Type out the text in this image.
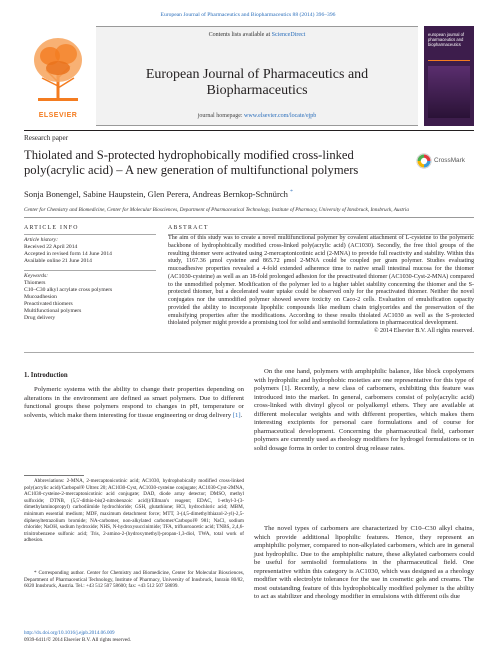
European Journal of Pharmaceutics and Biopharmaceutics 88 (2014) 396–396
ELSEVIER
Contents lists available at ScienceDirect
European Journal of Pharmaceutics and Biopharmaceutics
journal homepage: www.elsevier.com/locate/ejpb
european journal of pharmaceutics and biopharmaceutics
Research paper
Thiolated and S-protected hydrophobically modified cross-linked poly(acrylic acid) – A new generation of multifunctional polymers
CrossMark
Sonja Bonengel, Sabine Haupstein, Glen Perera, Andreas Bernkop-Schnürch *
Center for Chemistry and Biomedicine, Center for Molecular Biosciences, Department of Pharmaceutical Technology, Institute of Pharmacy, University of Innsbruck, Innsbruck, Austria
ARTICLE INFO
Article history:
Received 22 April 2014
Accepted in revised form 14 June 2014
Available online 21 June 2014
Keywords:
Thiomers
C10–C30 alkyl acrylate cross polymers
Mucoadhesion
Preactivated thiomers
Multifunctional polymers
Drug delivery
ABSTRACT
The aim of this study was to create a novel multifunctional polymer by covalent attachment of L-cysteine to the polymeric backbone of hydrophobically modified cross-linked poly(acrylic acid) (AC1030). Secondly, the free thiol groups of the resulting thiomer were activated using 2-mercaptonicotinic acid (2-MNA) to provide full reactivity and stability. Within this study, 1167.36 μmol cysteine and 865.72 μmol 2-MNA could be coupled per gram polymer. Studies evaluating mucoadhesive properties revealed a 4-fold extended adherence time to native small intestinal mucosa for the thiomer (AC1030-cysteine) as well as an 18-fold prolonged adhesion for the preactivated thiomer (AC1030-Cyst-2-MNA) compared to the unmodified polymer. Modification of the polymer led to a higher tablet stability concerning the thiomer and the S-protected thiomer, but a decelerated water uptake could be observed only for the preactivated thiomer. Neither the novel conjugates nor the unmodified polymer showed severe toxicity on Caco-2 cells. Evaluation of emulsification capacity provided the ability to incorporate lipophilic compounds like medium chain triglycerides and the preservation of the emulsifying properties after the modifications. According to these results thiolated AC1030 as well as the S-protected thiolated polymer might provide a promising tool for solid and semisolid formulations in pharmaceutical development.
© 2014 Elsevier B.V. All rights reserved.
1. Introduction
Polymeric systems with the ability to change their properties depending on alterations in the environment are defined as smart polymers. Due to different functional groups these polymers respond to changes in pH, temperature or solvents, which make them interesting for tissue engineering or drug delivery [1].
Abbreviations: 2-MNA, 2-mercaptonicotinic acid; AC1030, hydrophobically modified cross-linked poly(acrylic acid)/Carbopol® Ultrez 20; AC1030-Cyst, AC1030-cysteine conjugate; AC1030-Cyst-2MNA, AC1030-cysteine-2-mercaptonicotinic acid conjugate; DAD, diode array detector; DMSO, methyl sulfoxide; DTNB, (5,5'-dithio-bis(2-nitrobenzoic acid))/Ellman's reagent; EDAC, 1-ethyl-3-(3-dimethylaminopropyl) carbodiimide hydrochloride; GSH, glutathione; HCl, hydrochloric acid; MBM, minimum essential medium; MDF, maximum detachment force; MTT, 3-(4,5-dimethylthiazol-2-yl)-2,5-diphenyltetrazolium bromide; NA-carbomer, non-alkylated carbomer/Carbopol® 981; NaCl, sodium chloride; NaOH, sodium hydroxide; NHS, N-hydroxysuccinimide; TFA, trifluoroacetic acid; TNBS, 2,4,6-trinitrobenzene sulfonic acid; Tris, 2-amino-2-(hydroxymethyl)-propan-1,3-diol, TWA, total work of adhesion.
* Corresponding author. Center for Chemistry and Biomedicine, Center for Molecular Biosciences, Department of Pharmaceutical Technology, Institute of Pharmacy, University of Innsbruck, Innrain 80/82, 6020 Innsbruck, Austria. Tel.: +43 512 507 58600; fax: +43 512 507 58699.
http://dx.doi.org/10.1016/j.ejpb.2014.06.009
0939-6411/© 2014 Elsevier B.V. All rights reserved.
On the one hand, polymers with amphiphilic balance, like block copolymers with hydrophilic and hydrophobic moieties are one representative for this type of polymers [1]. Recently, a new class of carbomers, exhibiting this feature was introduced into the market. In general, carbomers consist of poly(acrylic acid) cross-linked with divinyl glycol or polyalkenyl ethers. They are available at different molecular weights and with different properties, which makes them interesting excipients for personal care formulations and of course for pharmaceutical development. Concerning the pharmaceutical field, carbomer polymers are currently used as rheology modifiers for hydrogel formulations or in solid dosage forms in order to control drug release rates.
The novel types of carbomers are characterized by C10–C30 alkyl chains, which provide additional lipophilic features. Hence, they represent an amphiphilic polymer, compared to non-alkylated carbomers, which are in general just hydrophilic. Due to the amphiphilic nature, these alkylated carbomers could be useful for semisolid formulations in the pharmaceutical field. One representative within this category is AC1030, which was designed as a rheology modifier with electrolyte tolerance for the use in cosmetic gels and creams. The most outstanding feature of this hydrophobically modified polymer is the ability to act as stabilizer and rheology modifier in emulsions with different oils due
